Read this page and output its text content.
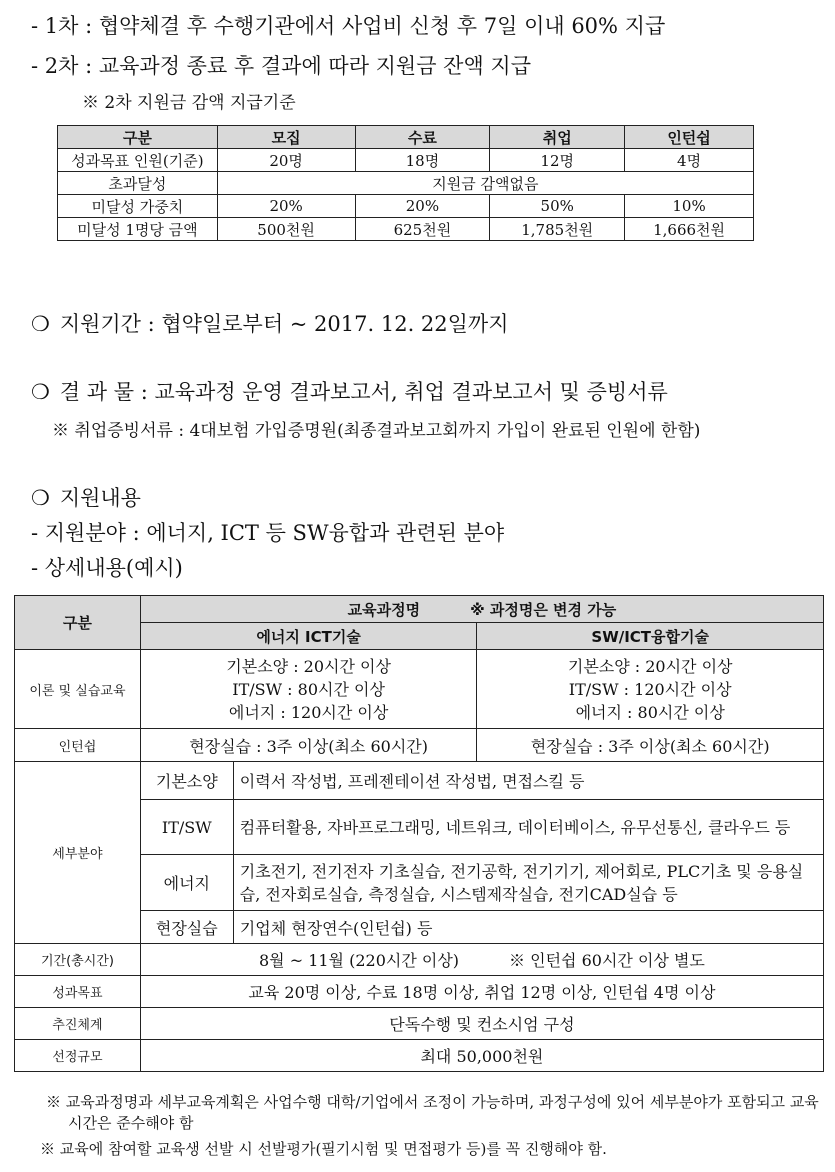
- 1차 : 협약체결 후 수행기관에서 사업비 신청 후 7일 이내 60% 지급
- 2차 : 교육과정 종료 후 결과에 따라 지원금 잔액 지급
※ 2차 지원금 감액 지급기준
구분	모집	수료	취업	인턴쉽
성과목표 인원(기준)	20명	18명	12명	4명
초과달성	지원금 감액없음			
미달성 가중치	20%	20%	50%	10%
미달성 1명당 금액	500천원	625천원	1,785천원	1,666천원
❍ 지원기간 : 협약일로부터 ~ 2017. 12. 22일까지
❍ 결 과 물 : 교육과정 운영 결과보고서, 취업 결과보고서 및 증빙서류
※ 취업증빙서류 : 4대보험 가입증명원(최종결과보고회까지 가입이 완료된 인원에 한함)
❍ 지원내용
- 지원분야 : 에너지, ICT 등 SW융합과 관련된 분야
- 상세내용(예시)
구분	교육과정명 ※ 과정명은 변경 가능		
	에너지 ICT기술		SW/ICT융합기술
이론 및 실습교육	기본소양 : 20시간 이상
IT/SW : 80시간 이상
에너지 : 120시간 이상		기본소양 : 20시간 이상
IT/SW : 120시간 이상
에너지 : 80시간 이상

인턴쉽	현장실습 : 3주 이상(최소 60시간)		현장실습 : 3주 이상(최소 60시간)
세부분야	기본소양	이력서 작성법, 프레젠테이션 작성법, 면접스킬 등	
	IT/SW	컴퓨터활용, 자바프로그래밍, 네트워크, 데이터베이스, 유무선통신, 클라우드 등	
	에너지	기초전기, 전기전자 기초실습, 전기공학, 전기기기, 제어회로, PLC기초 및 응용실습, 전자회로실습, 측정실습, 시스템제작실습, 전기CAD실습 등	
	현장실습	기업체 현장연수(인턴쉽) 등	
기간(총시간)	8월 ~ 11월 (220시간 이상) ※ 인턴쉽 60시간 이상 별도		
성과목표	교육 20명 이상, 수료 18명 이상, 취업 12명 이상, 인턴쉽 4명 이상		
추진체계	단독수행 및 컨소시엄 구성		
선정규모	최대 50,000천원		
※ 교육과정명과 세부교육계획은 사업수행 대학/기업에서 조정이 가능하며, 과정구성에 있어 세부분야가 포함되고 교육시간은 준수해야 함
※ 교육에 참여할 교육생 선발 시 선발평가(필기시험 및 면접평가 등)를 꼭 진행해야 함.
